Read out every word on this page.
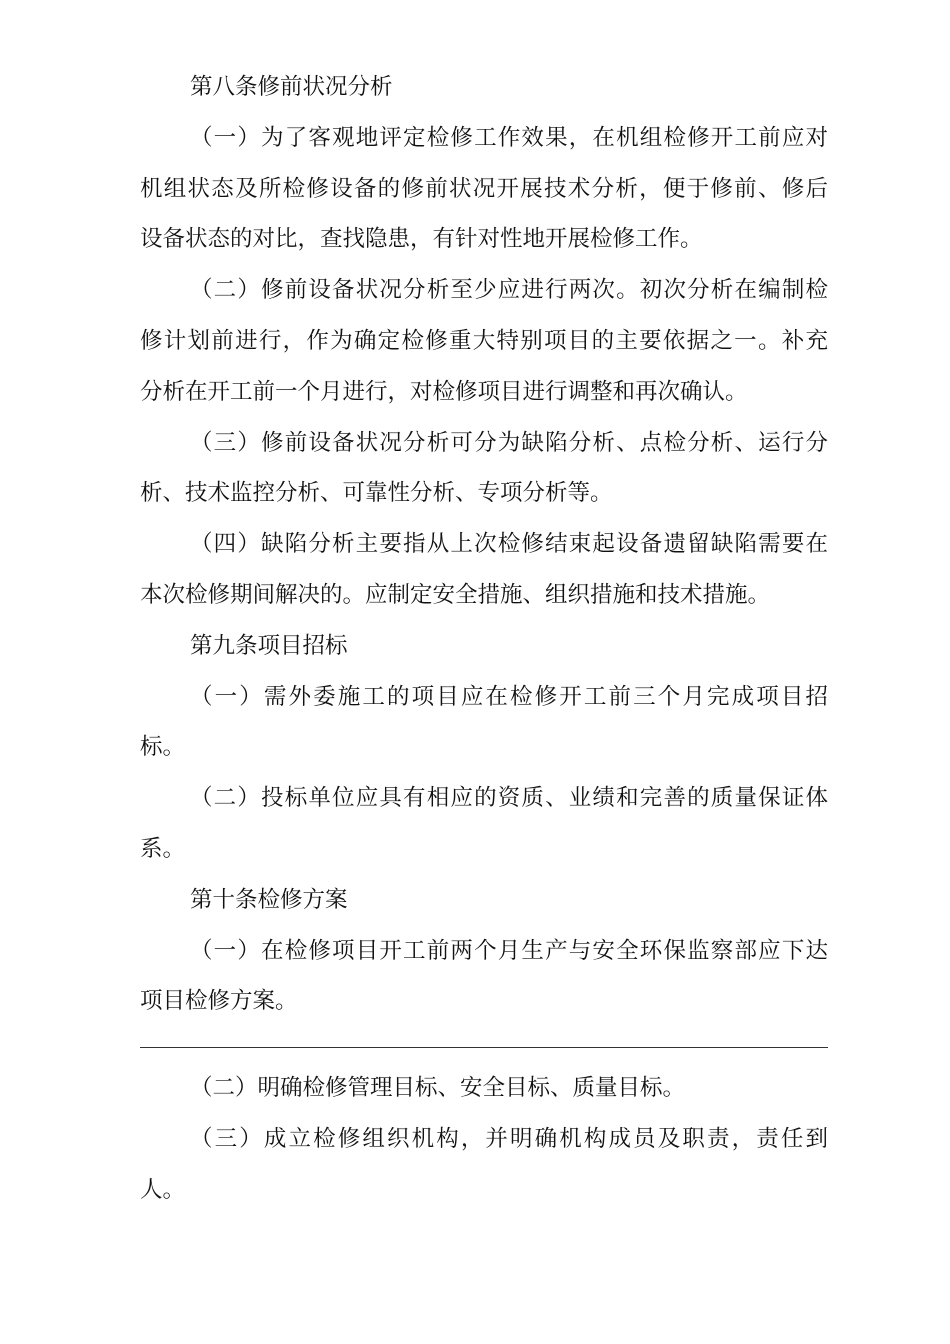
第八条修前状况分析
（一）为了客观地评定检修工作效果，在机组检修开工前应对
机组状态及所检修设备的修前状况开展技术分析，便于修前、修后
设备状态的对比，查找隐患，有针对性地开展检修工作。
（二）修前设备状况分析至少应进行两次。初次分析在编制检
修计划前进行，作为确定检修重大特别项目的主要依据之一。补充
分析在开工前一个月进行，对检修项目进行调整和再次确认。
（三）修前设备状况分析可分为缺陷分析、点检分析、运行分
析、技术监控分析、可靠性分析、专项分析等。
（四）缺陷分析主要指从上次检修结束起设备遗留缺陷需要在
本次检修期间解决的。应制定安全措施、组织措施和技术措施。
第九条项目招标
（一）需外委施工的项目应在检修开工前三个月完成项目招
标。
（二）投标单位应具有相应的资质、业绩和完善的质量保证体
系。
第十条检修方案
（一）在检修项目开工前两个月生产与安全环保监察部应下达
项目检修方案。
（二）明确检修管理目标、安全目标、质量目标。
（三）成立检修组织机构，并明确机构成员及职责，责任到
人。
